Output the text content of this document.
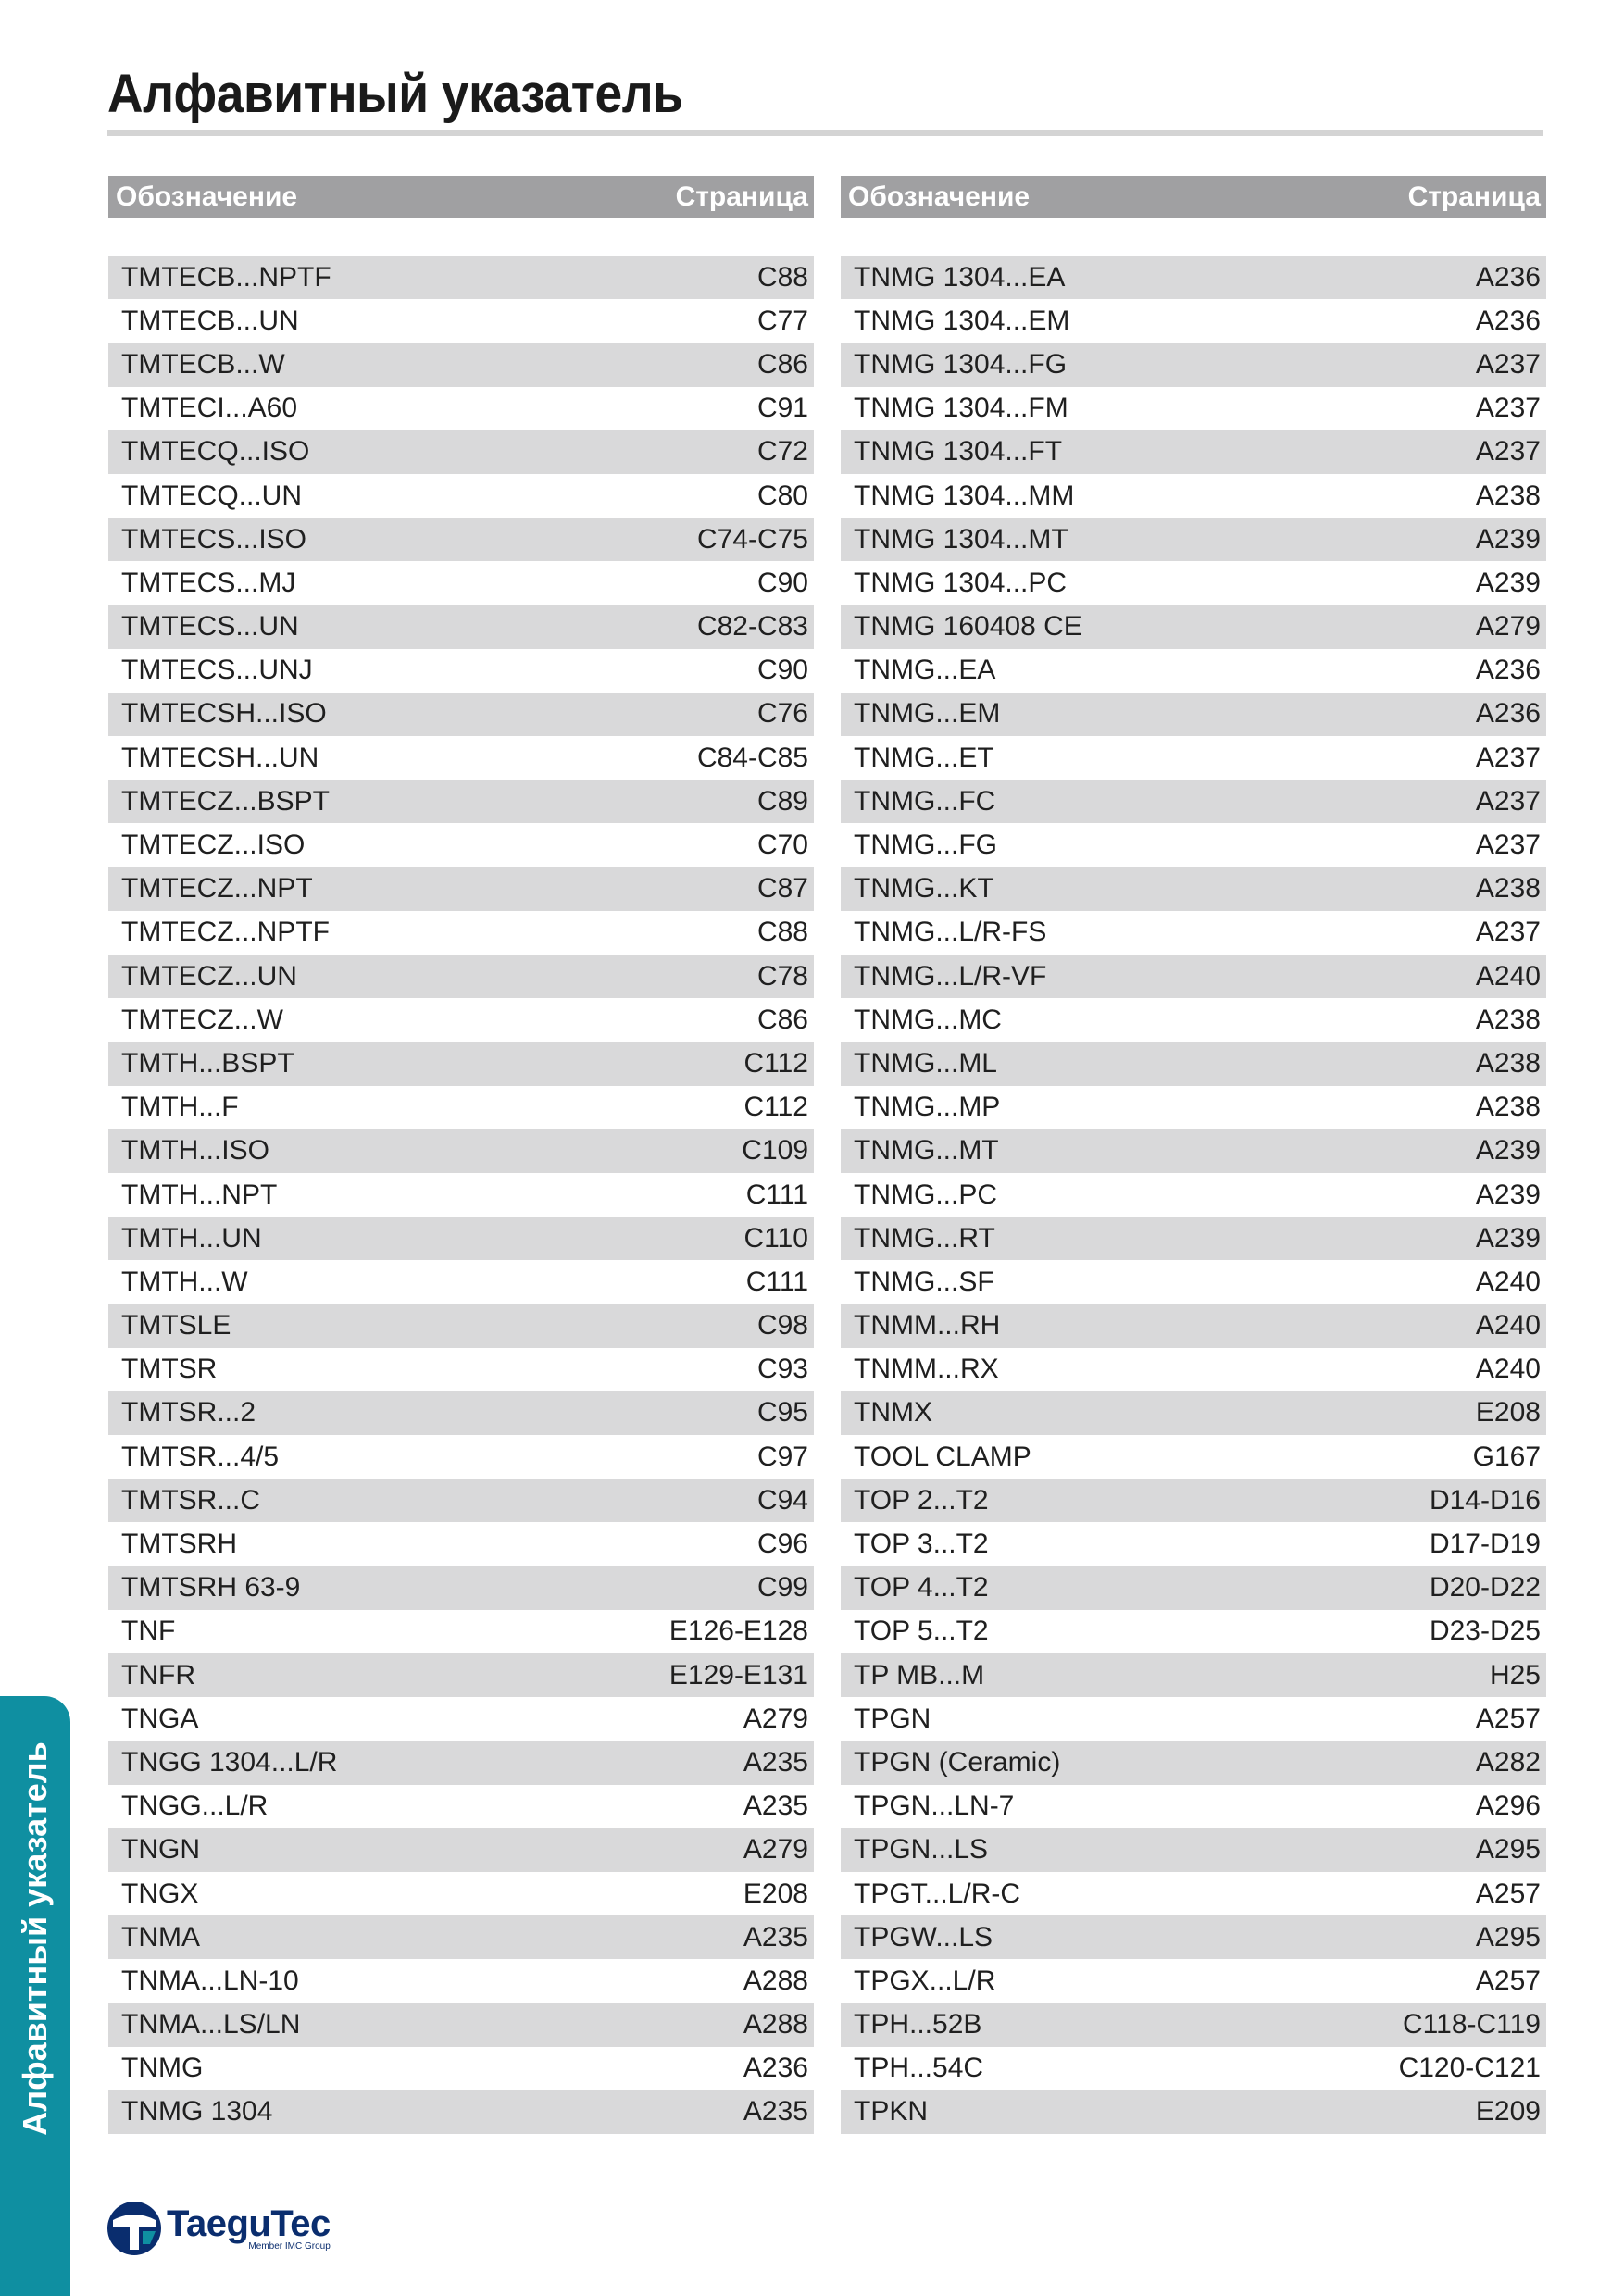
Алфавитный указатель
Обозначение	Страница
TMTECB...NPTF	C88
TMTECB...UN	C77
TMTECB...W	C86
TMTECI...A60	C91
TMTECQ...ISO	C72
TMTECQ...UN	C80
TMTECS...ISO	C74-C75
TMTECS...MJ	C90
TMTECS...UN	C82-C83
TMTECS...UNJ	C90
TMTECSH...ISO	C76
TMTECSH...UN	C84-C85
TMTECZ...BSPT	C89
TMTECZ...ISO	C70
TMTECZ...NPT	C87
TMTECZ...NPTF	C88
TMTECZ...UN	C78
TMTECZ...W	C86
TMTH...BSPT	C112
TMTH...F	C112
TMTH...ISO	C109
TMTH...NPT	C111
TMTH...UN	C110
TMTH...W	C111
TMTSLE	C98
TMTSR	C93
TMTSR...2	C95
TMTSR...4/5	C97
TMTSR...C	C94
TMTSRH	C96
TMTSRH 63-9	C99
TNF	E126-E128
TNFR	E129-E131
TNGA	A279
TNGG 1304...L/R	A235
TNGG...L/R	A235
TNGN	A279
TNGX	E208
TNMA	A235
TNMA...LN-10	A288
TNMA...LS/LN	A288
TNMG	A236
TNMG 1304	A235
Обозначение	Страница
TNMG 1304...EA	A236
TNMG 1304...EM	A236
TNMG 1304...FG	A237
TNMG 1304...FM	A237
TNMG 1304...FT	A237
TNMG 1304...MM	A238
TNMG 1304...MT	A239
TNMG 1304...PC	A239
TNMG 160408 CE	A279
TNMG...EA	A236
TNMG...EM	A236
TNMG...ET	A237
TNMG...FC	A237
TNMG...FG	A237
TNMG...KT	A238
TNMG...L/R-FS	A237
TNMG...L/R-VF	A240
TNMG...MC	A238
TNMG...ML	A238
TNMG...MP	A238
TNMG...MT	A239
TNMG...PC	A239
TNMG...RT	A239
TNMG...SF	A240
TNMM...RH	A240
TNMM...RX	A240
TNMX	E208
TOOL CLAMP	G167
TOP 2...T2	D14-D16
TOP 3...T2	D17-D19
TOP 4...T2	D20-D22
TOP 5...T2	D23-D25
TP MB...M	H25
TPGN	A257
TPGN (Ceramic)	A282
TPGN...LN-7	A296
TPGN...LS	A295
TPGT...L/R-C	A257
TPGW...LS	A295
TPGX...L/R	A257
TPH...52B	C118-C119
TPH...54C	C120-C121
TPKN	E209
Алфавитный указатель
TaeguTec
Member IMC Group
